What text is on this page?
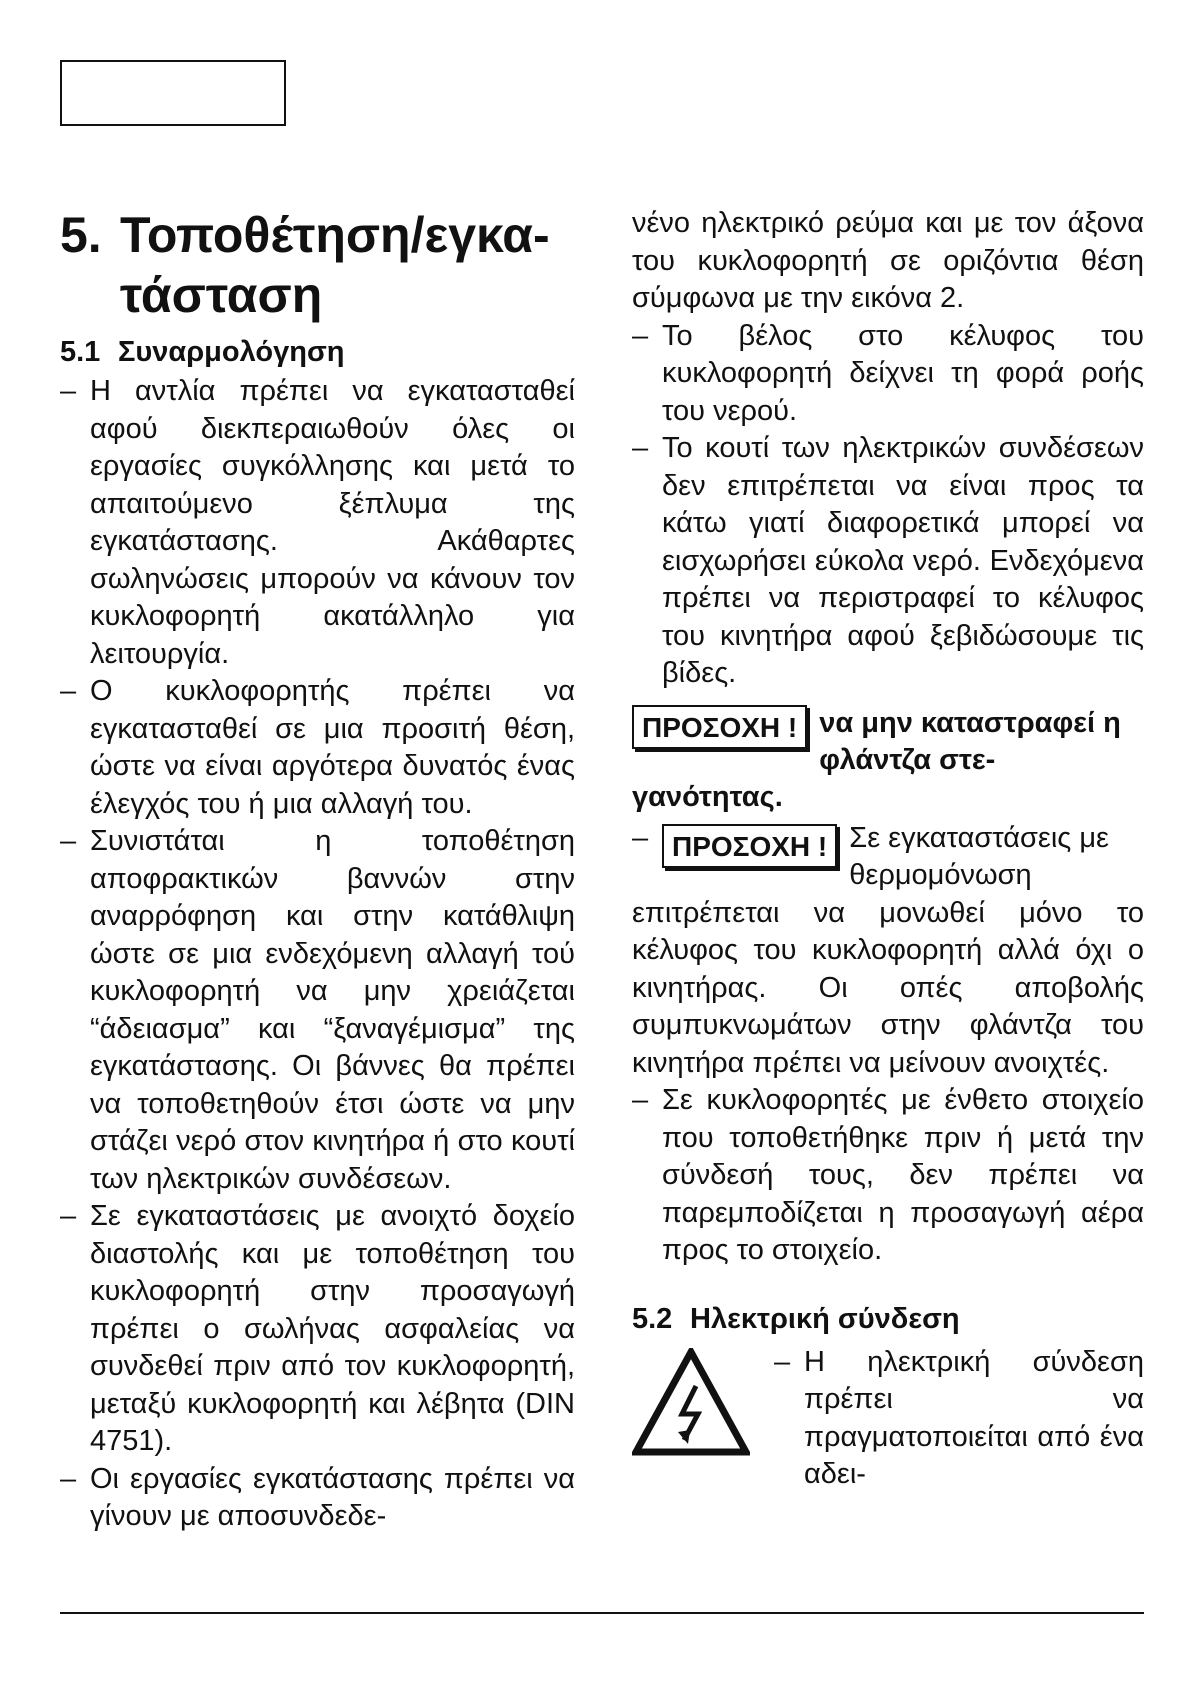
5. Τοποθέτηση/εγκα-
τάσταση
5.1 Συναρμολόγηση

– Η αντλία πρέπει να εγκατασταθεί αφού διεκπεραιωθούν όλες οι εργασίες συγκόλλησης και μετά το απαιτούμενο ξέπλυμα της εγκατάστασης. Ακάθαρτες σωληνώσεις μπορούν να κάνουν τον κυκλοφορητή ακατάλληλο για λειτουργία.

– Ο κυκλοφορητής πρέπει να εγκατασταθεί σε μια προσιτή θέση, ώστε να είναι αργότερα δυνατός ένας έλεγχός του ή μια αλλαγή του.

– Συνιστάται η τοποθέτηση αποφρακτικών βαννών στην αναρρόφηση και στην κατάθλιψη ώστε σε μια ενδεχόμενη αλλαγή τού κυκλοφορητή να μην χρειάζεται “άδειασμα” και “ξαναγέμισμα” της εγκατάστασης. Οι βάννες θα πρέπει να τοποθετηθούν έτσι ώστε να μην στάζει νερό στον κινητήρα ή στο κουτί των ηλεκτρικών συνδέσεων.

– Σε εγκαταστάσεις με ανοιχτό δοχείο διαστολής και με τοποθέτηση του κυκλοφορητή στην προσαγωγή πρέπει ο σωλήνας ασφαλείας να συνδεθεί πριν από τον κυκλοφορητή, μεταξύ κυκλοφορητή και λέβητα (DIN 4751).

– Οι εργασίες εγκατάστασης πρέπει να γίνουν με αποσυνδεδε-

νένο ηλεκτρικό ρεύμα και με τον άξονα του κυκλοφορητή σε οριζόντια θέση σύμφωνα με την εικόνα 2.

– Το βέλος στο κέλυφος του κυκλοφορητή δείχνει τη φορά ροής του νερού.

– Το κουτί των ηλεκτρικών συνδέσεων δεν επιτρέπεται να είναι προς τα κάτω γιατί διαφορετικά μπορεί να εισχωρήσει εύκολα νερό. Ενδεχόμενα πρέπει να περιστραφεί το κέλυφος του κινητήρα αφού ξεβιδώσουμε τις βίδες.

ΠΡΟΣΟΧΗ ! να μην καταστραφεί η φλάντζα στε-

γανότητας.

– ΠΡΟΣΟΧΗ ! Σε εγκαταστάσεις με θερμομόνωση

επιτρέπεται να μονωθεί μόνο το κέλυφος του κυκλοφορητή αλλά όχι ο κινητήρας. Οι οπές αποβολής συμπυκνωμάτων στην φλάντζα του κινητήρα πρέπει να μείνουν ανοιχτές.

– Σε κυκλοφορητές με ένθετο στοιχείο που τοποθετήθηκε πριν ή μετά την σύνδεσή τους, δεν πρέπει να παρεμποδίζεται η προσαγωγή αέρα προς το στοιχείο.

5.2 Ηλεκτρική σύνδεση

– Η ηλεκτρική σύνδεση πρέπει να πραγματοποιείται από ένα αδει-
